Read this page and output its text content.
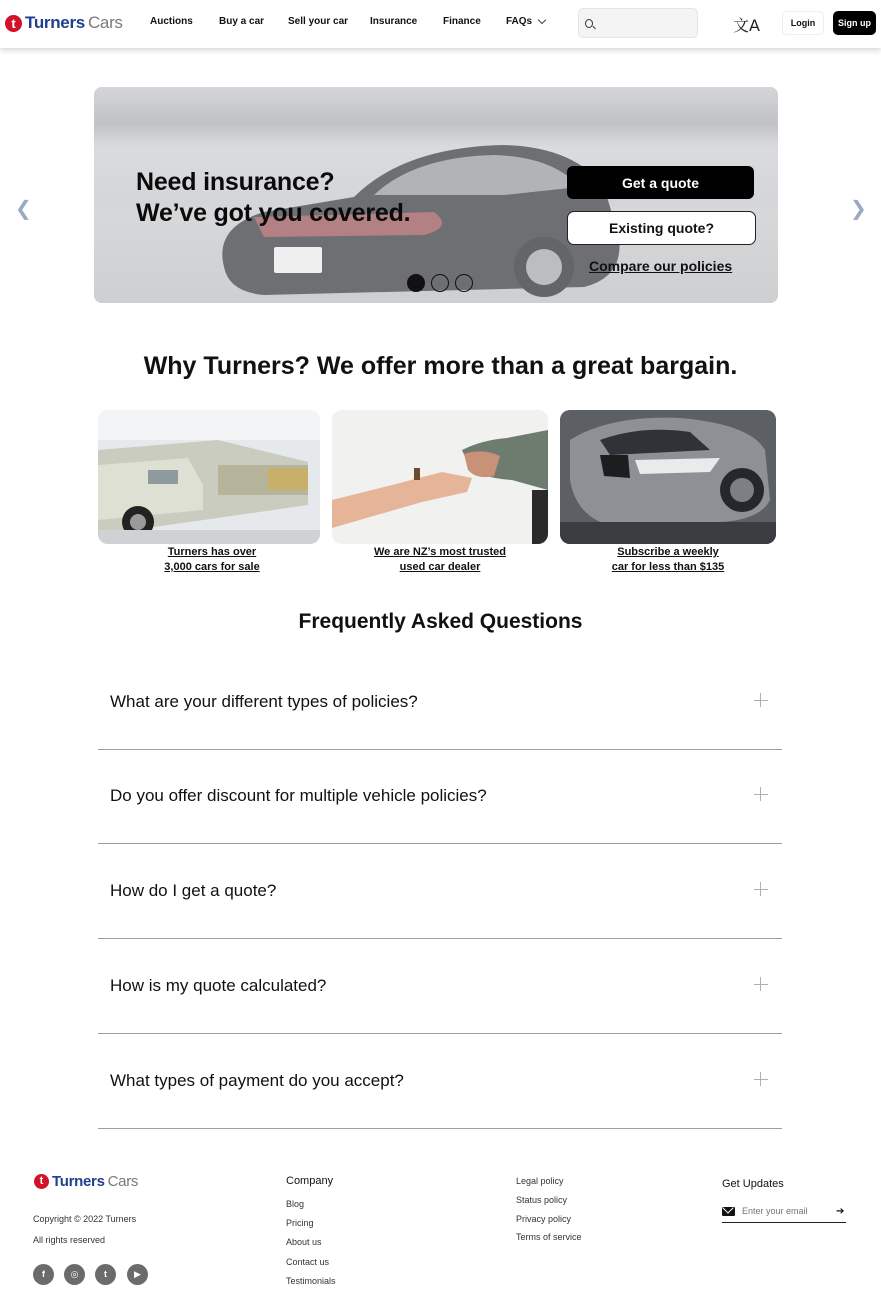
t Turners Cars	Auctions	Buy a car Sell your car Insurance	Finance	FAQs	文A	Login	Sign up
❮	❯
Need insurance?
We’ve got you covered.
Get a quote
Existing quote?
Compare our policies
Why Turners? We offer more than a great bargain.
Turners has over
3,000 cars for sale
We are NZ’s most trusted
used car dealer
Subscribe a weekly
car for less than $135
Frequently Asked Questions
What are your different types of policies?
Do you offer discount for multiple vehicle policies?
How do I get a quote?
How is my quote calculated?
What types of payment do you accept?
t Turners Cars
Copyright © 2022 Turners
All rights reserved
f	◎	t	▶
Company
Blog
Pricing
About us
Contact us
Testimonials
Legal policy
Status policy
Privacy policy
Terms of service
Get Updates
Enter your email
➔
